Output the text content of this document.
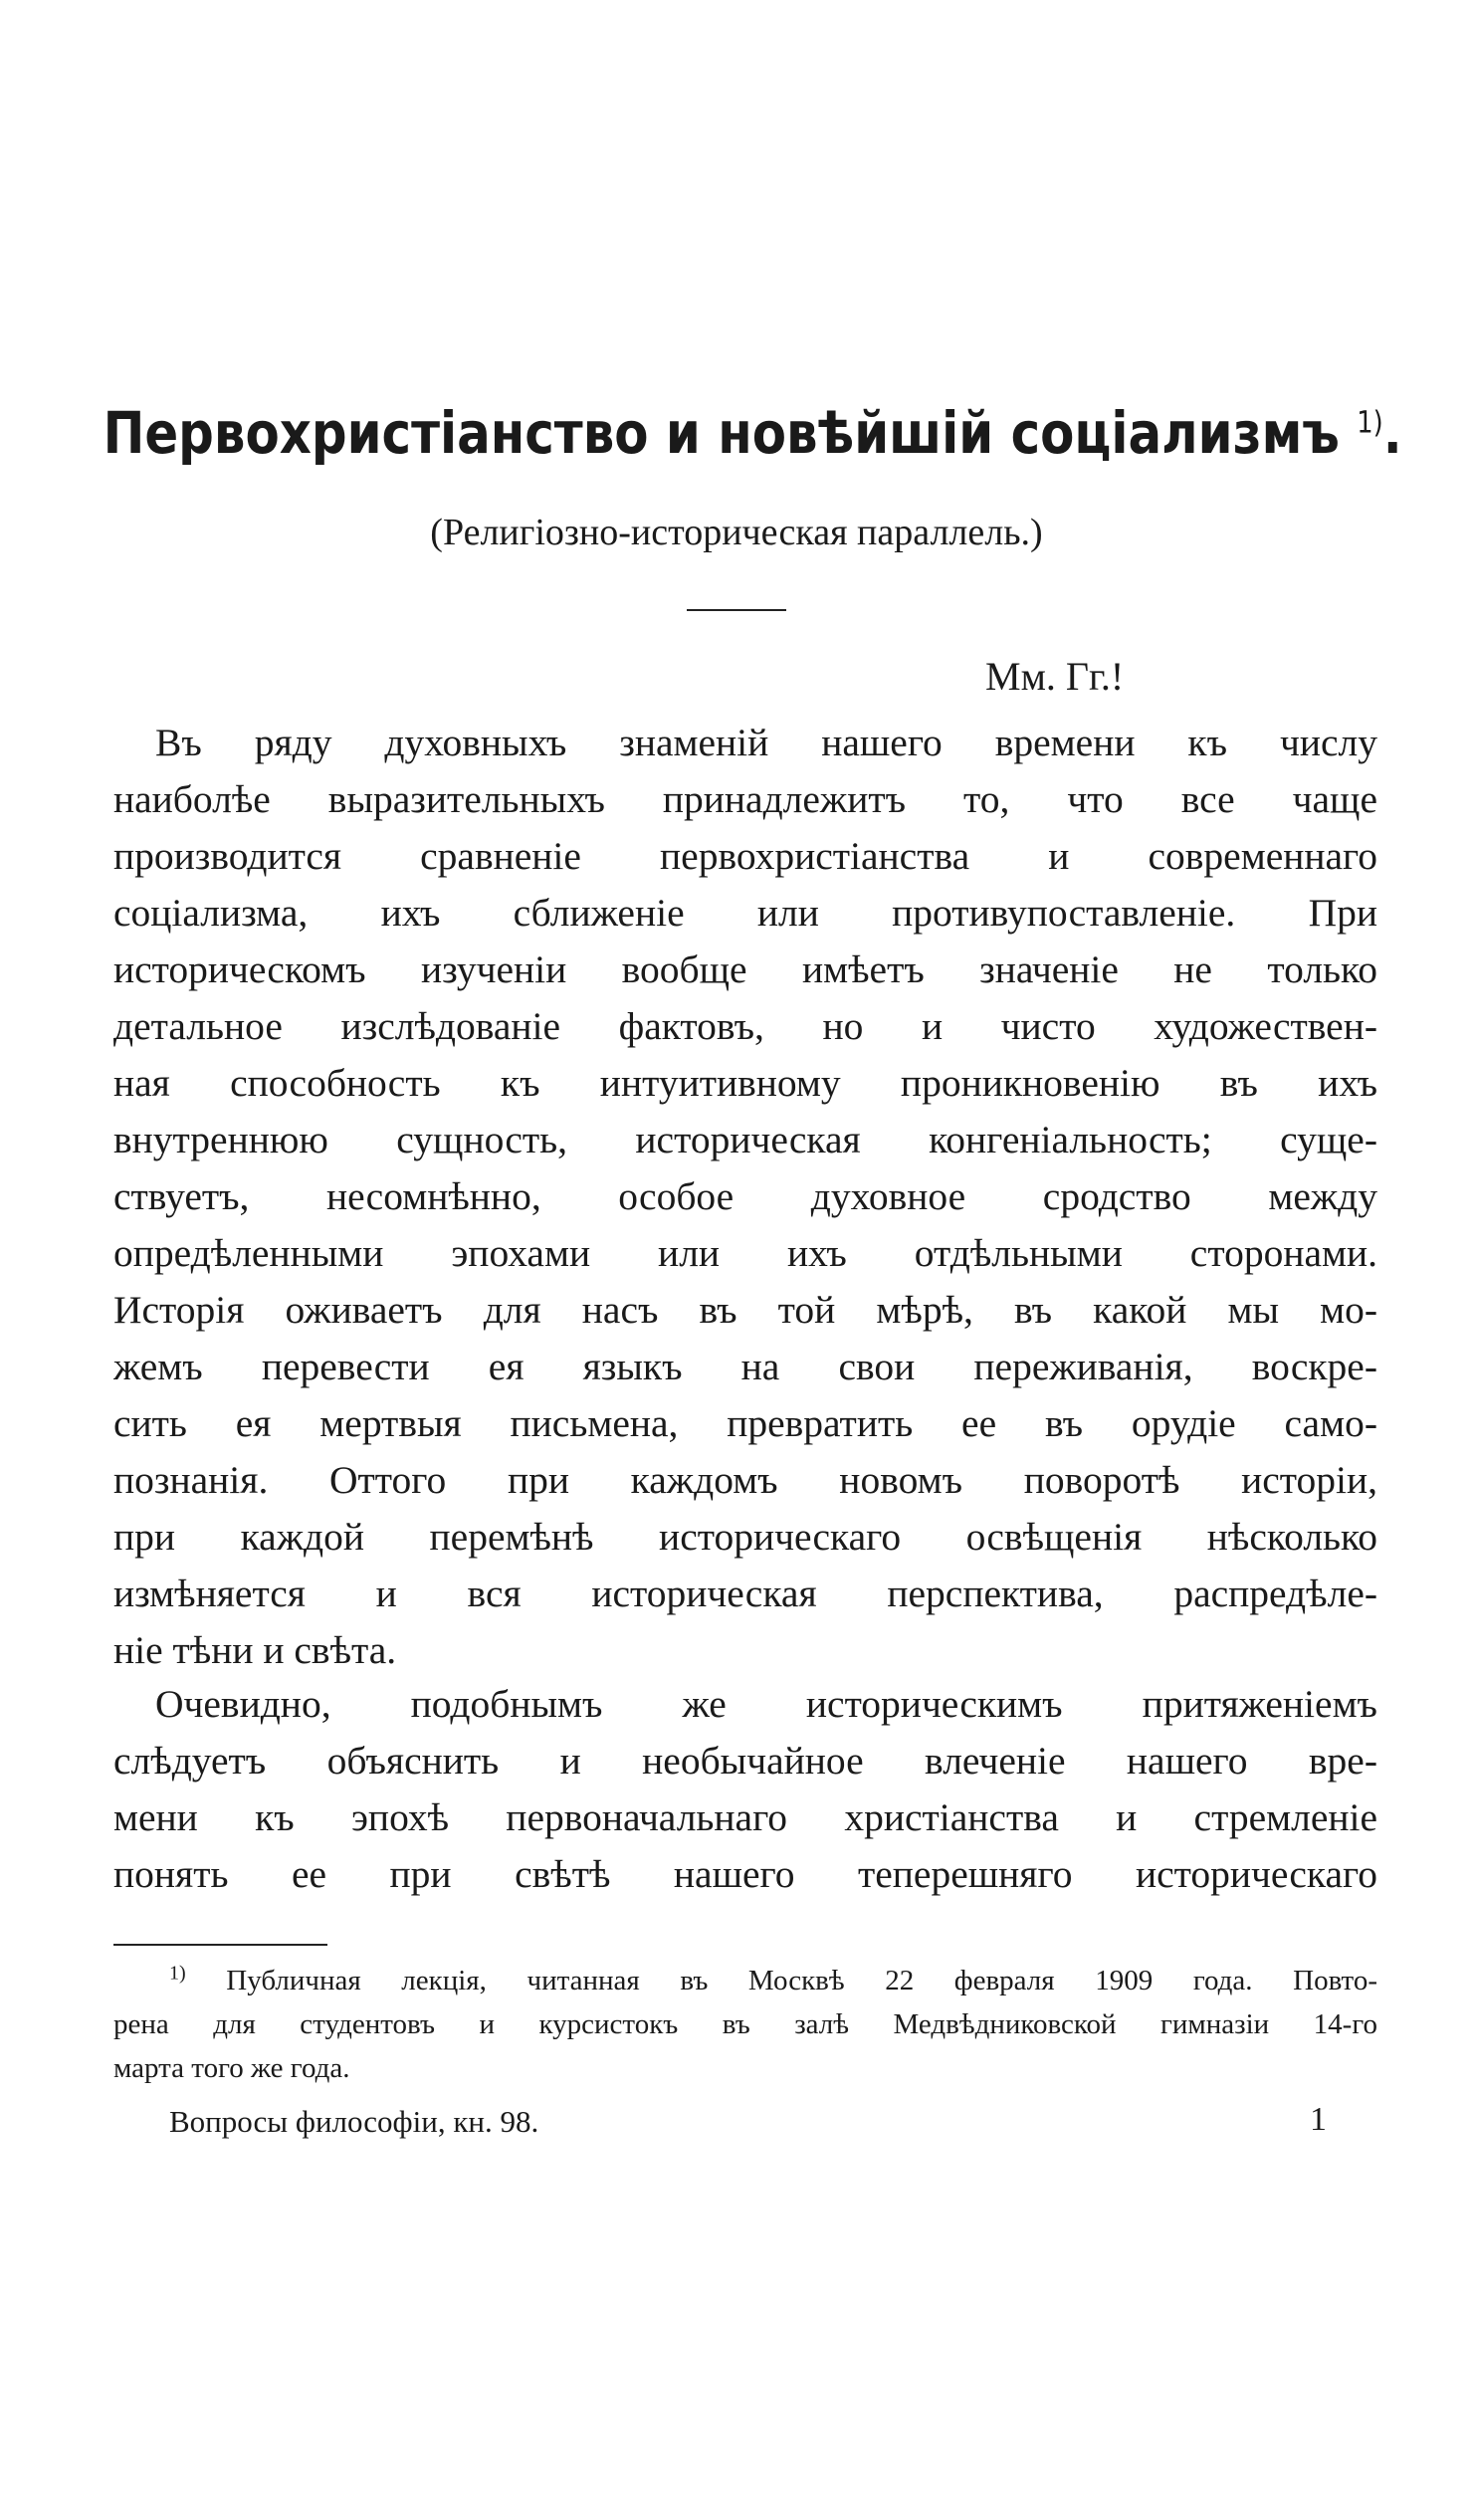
Первохристіанство и новѣйшій соціализмъ $^{1)}$.
(Религіозно-историческая параллель.)
Мм. Гг.!
Въ ряду духовныхъ знаменій нашего времени къ числу
наиболѣе выразительныхъ принадлежитъ то, что все чаще
производится сравненіе первохристіанства и современнаго
соціализма, ихъ сближеніе или противупоставленіе. При
историческомъ изученіи вообще имѣетъ значеніе не только
детальное изслѣдованіе фактовъ, но и чисто художествен-
ная способность къ интуитивному проникновенію въ ихъ
внутреннюю сущность, историческая конгеніальность; суще-
ствуетъ, несомнѣнно, особое духовное сродство между
опредѣленными эпохами или ихъ отдѣльными сторонами.
Исторія оживаетъ для насъ въ той мѣрѣ, въ какой мы мо-
жемъ перевести ея языкъ на свои переживанія, воскре-
сить ея мертвыя письмена, превратить ее въ орудіе само-
познанія. Оттого при каждомъ новомъ поворотѣ исторіи,
при каждой перемѣнѣ историческаго освѣщенія нѣсколько
измѣняется и вся историческая перспектива, распредѣле-
ніе тѣни и свѣта.
Очевидно, подобнымъ же историческимъ притяженіемъ
слѣдуетъ объяснить и необычайное влеченіе нашего вре-
мени къ эпохѣ первоначальнаго христіанства и стремленіе
понять ее при свѣтѣ нашего теперешняго историческаго
$^{1)}$ Публичная лекція, читанная въ Москвѣ 22 февраля 1909 года. Повто-
рена для студентовъ и курсистокъ въ залѣ Медвѣдниковской гимназіи 14-го
марта того же года.
Вопросы философіи, кн. 98.	1
